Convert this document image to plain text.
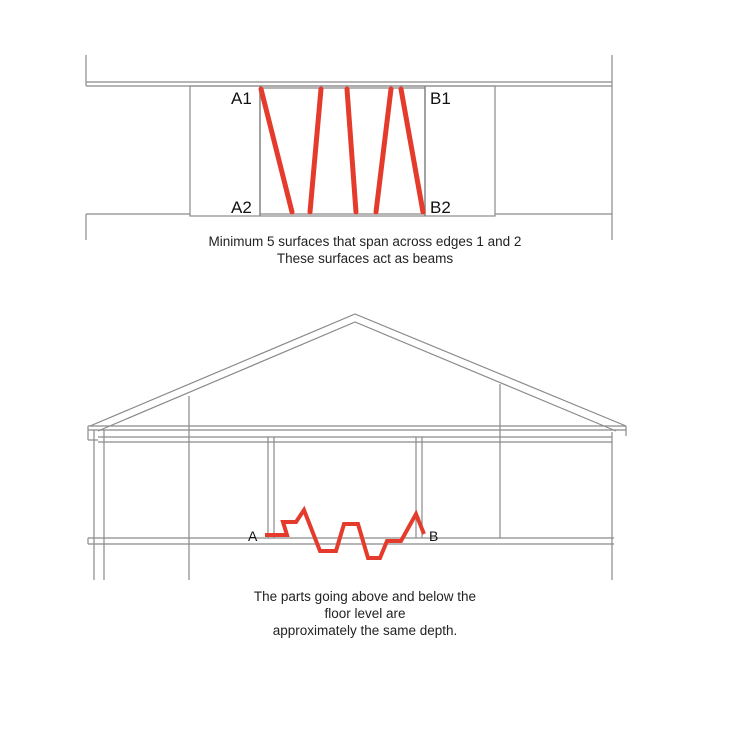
A1
A2
B1
B2
A	B
Minimum 5 surfaces that span across edges 1 and 2
These surfaces act as beams
The parts going above and below the
floor level are
approximately the same depth.
